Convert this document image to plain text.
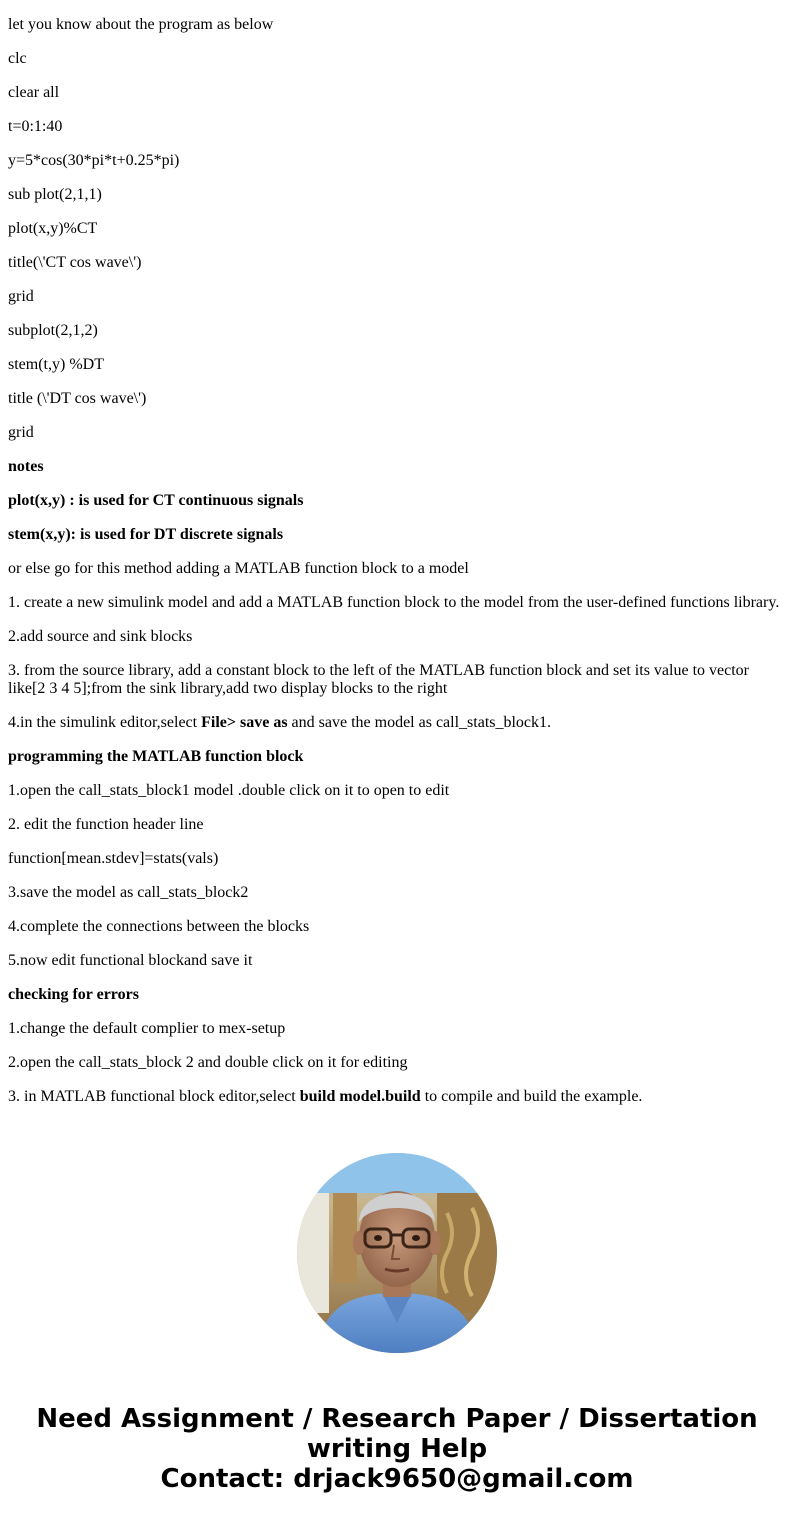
let you know about the program as below

clc

clear all

t=0:1:40

y=5*cos(30*pi*t+0.25*pi)

sub plot(2,1,1)

plot(x,y)%CT

title(\'CT cos wave\')

grid

subplot(2,1,2)

stem(t,y) %DT

title (\'DT cos wave\')

grid

notes

plot(x,y) : is used for CT continuous signals

stem(x,y): is used for DT discrete signals

or else go for this method adding a MATLAB function block to a model

1. create a new simulink model and add a MATLAB function block to the model from the user-defined functions library.

2.add source and sink blocks

3. from the source library, add a constant block to the left of the MATLAB function block and set its value to vector like[2 3 4 5];from the sink library,add two display blocks to the right

4.in the simulink editor,select File> save as and save the model as call_stats_block1.

programming the MATLAB function block

1.open the call_stats_block1 model .double click on it to open to edit

2. edit the function header line

function[mean.stdev]=stats(vals)

3.save the model as call_stats_block2

4.complete the connections between the blocks

5.now edit functional blockand save it

checking for errors

1.change the default complier to mex-setup

2.open the call_stats_block 2 and double click on it for editing

3. in MATLAB functional block editor,select build model.build to compile and build the example.

Need Assignment / Research Paper / Dissertation
writing Help
Contact: drjack9650@gmail.com
